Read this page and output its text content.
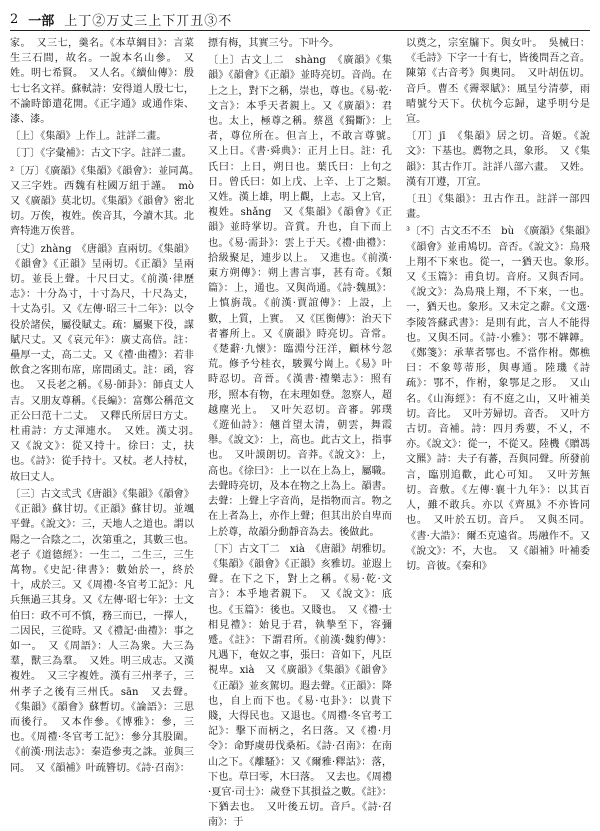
2 一部 上丁②万丈三上下丌丑③不
家。　又三七，羹名。《本草綱目》：言菜生三石間，故名。一說本名山參。　又姓。明七希賢。　又人名。《續仙傳》：殷七七名文祥。蘇軾詩：安得道人殷七七，不論時節遣花開。《正字通》或通作柒、漆、漆。
〔上〕《集韻》上作丄。註詳二畫。
〔丁〕《字彙補》：古文下字。註詳二畫。
²〔万〕《廣韻》《集韻》《韻會》：並同萬。　又三字姓。西魏有柱國万紐于謹。　mò　又《廣韻》莫北切。《集韻》《韻會》密北切。万俟，複姓。俟音其，今讀木其。北齊特進万俟普。
〔丈〕zhàng　《唐韻》直兩切。《集韻》《韻會》《正韻》呈兩切。《正韻》呈兩切。並長上聲。十尺曰丈。《前漢·律歷志》：十分為寸，十寸為尺，十尺為丈，十丈為引。又《左傳·昭三十二年》：以令役於諸侯，屬役賦丈。疏：屬聚下役，謀賦尺丈。又《哀元年》：廣丈高倍。註：壘厚一丈，高二丈。又《禮·曲禮》：若非飲食之客則布席，席間函丈。註：函，容也。　又長老之稱。《易·師卦》：師貞丈人吉。又朋友尊稱。《長編》：富鄭公稱范文正公曰范十二丈。　又釋氏所居曰方丈。杜甫詩：方丈渾連水。　又姓。漢丈羽。　又《說文》：從又持十。徐曰：丈，扶也。《詩》：從手持十。又杖。老人持杖，故曰丈人。
〔三〕古文弎弐《唐韻》《集韻》《韻會》《正韻》蘇甘切。《正韻》蘇甘切。並颯平聲。《說文》：三，天地人之道也。謂以陽之一合陰之二，次第重之，其數三也。老子《道德經》：一生二，二生三，三生萬物。《史記·律書》：數始於一，終於十，成於三。又《周禮·冬官考工記》：凡兵無過三其身。又《左傳·昭七年》：士文伯曰：政不可不慎，務三而已，一擇人，二因民，三從時。又《禮記·曲禮》：事之如一。　又《周語》：人三為衆。大三為羣，獸三為羣。　又姓。明三成志。又漢複姓。　又三字複姓。漢有三州孝子，三州孝子之後有三州氏。sān　又去聲。《集韻》《韻會》蘇暫切。《論語》：三思而後行。　又本作參。《博雅》：參，三也。《周禮·冬官考工記》：參分其股圍。《前漢·刑法志》：秦造參夷之誅。並與三同。　又《韻補》叶疏簪切。《詩·召南》：
摽有梅，其實三兮。下叶今。
〔上〕古文丄二　shàng　《廣韻》《集韻》《韻會》《正韻》並時亮切。音尚。在上之上，對下之稱，崇也，尊也。《易·乾·文言》：本乎天者親上。又《廣韻》：君也。太上，極尊之稱。蔡邕《獨斷》：上者，尊位所在。但言上，不敢言尊號。　又上日。《書·舜典》：正月上日。註：孔氏曰：上日，朔日也。葉氏曰：上旬之日。曾氏曰：如上戊、上辛、上丁之類。　又姓。漢上雄，明上觀，上志。又上官，複姓。shǎng　又《集韻》《韻會》《正韻》並時掌切。音賞。升也，自下而上也。《易·需卦》：雲上于天。《禮·曲禮》：拾級聚足，連步以上。　又進也。《前漢·東方朔傳》：朔上書言事，甚有奇。《類篇》：上，通也。又與尚通。《詩·魏風》：上慎旃哉。《前漢·賈誼傳》：上設，上數，上質，上實。　又《匡衡傳》：治天下者審所上。又《廣韻》時亮切。音常。《楚辭·九懷》：臨淵兮汪洋，顧林兮忽荒。修予兮桂衣，駿翼兮崗上。《易》叶時忍切。音晉。《漢書·禮樂志》：照有形，照本有物，在末理如登。忽察人，超越塵光上。　又叶矢忍切。音審。郭璞《遊仙詩》：翹首望太清，朝雲，舞霞舉。《說文》：上，高也。此古文上，指事也。　又叶謨朗切。音莽。《說文》：上，高也。《徐曰》：上一以在上為上，屬職。去聲時亮切，及本在物之上為上。韻書。去聲：上聲上字音尚，是指物而言。物之在上者為上，亦作上聲；但其出於自卑而上於尊，故韻分動靜音為去。後做此。
〔下〕古文丅二　xià　《唐韻》胡雅切。《集韻》《韻會》《正韻》亥雅切。並遐上聲。在下之下，對上之稱。《易·乾·文言》：本乎地者親下。　又《說文》：底也。《玉篇》：後也。又賤也。　又《禮·士相見禮》：始見于君，執摯至下，容彌蹙。《註》：下謂君所。《前漢·魏豹傳》：凡遇下，奄奴之事，張曰：音如下，凡臣視卑。xià　又《廣韻》《集韻》《韻會》《正韻》並亥駕切。遐去聲。《正韻》：降也，自上而下也。《易·屯卦》：以貴下賤，大得民也。又退也。《周禮·冬官考工記》：擊下而柄之，名曰落。又《禮·月令》：命野虞毋伐桑柘。《詩·召南》：在南山之下。《離騷》：又《爾雅·釋詁》：落，下也。草曰零，木曰落。　又去也。《周禮·夏官·司士》：歲登下其損益之數。《註》：下猶去也。　又叶後五切。音戶。《詩·召南》：于
以奠之，宗室牖下。與女叶。　吳械曰：《毛詩》下字一十有七，皆後問吾之音。陳第《古音考》與奧同。　又叶胡伍切。音戶。曹丕《霽翠賦》：風呈兮清夢，雨晴號兮天下。伏杭今忘歸，逮乎明兮是宣。
〔丌〕jī　《集韻》居之切。音姬。《說文》：下基也。薦物之具，象形。　又《集韻》：其古作丌。註詳八部六畫。　又姓。漢有丌遵，丌宣。
〔丑〕《集韻》：丑古作丑。註詳一部四畫。
³〔不〕古文丕不丕　bù　《廣韻》《集韻》《韻會》並甫鳩切。音否。《說文》：鳥飛上翔不下來也。從一，一猶天也。象形。　又《玉篇》：甫負切。音府。又與否同。《說文》：為鳥飛上翔，不下來，一也。一，猶天也。象形。又未定之辭。《文選·李陵答蘇武書》：是則有此，言人不能得也。又與丕同。《詩·小雅》：鄂不韡韡。《鄭箋》：承華者鄂也。不當作柎。鄭樵曰：不象萼蒂形，與專通。陸璣《詩疏》：鄂不，作柎，象鄂足之形。　又山名。《山海經》：有不庭之山，又叶補美切。音比。　又叶芳婦切。音否。　又叶方古切。音補。詩：四月秀葽，不乂，不亦。《說文》：從一，不從又。陸機《贈馮文羆》詩：夫子有蕃，吾與同聲。所發前言，臨別追歡，此心可知。　又叶芳無切。音敷。《左傳·襄十九年》：以其百人，雖不敢兵。亦以《齊風》不亦皆同也。　又叶於五切。音戶。　又與丕同。《書·大誥》：爾丕克遠省。馬融作不。又《說文》：不，大也。　又《韻補》叶補委切。音彼。《秦和》
